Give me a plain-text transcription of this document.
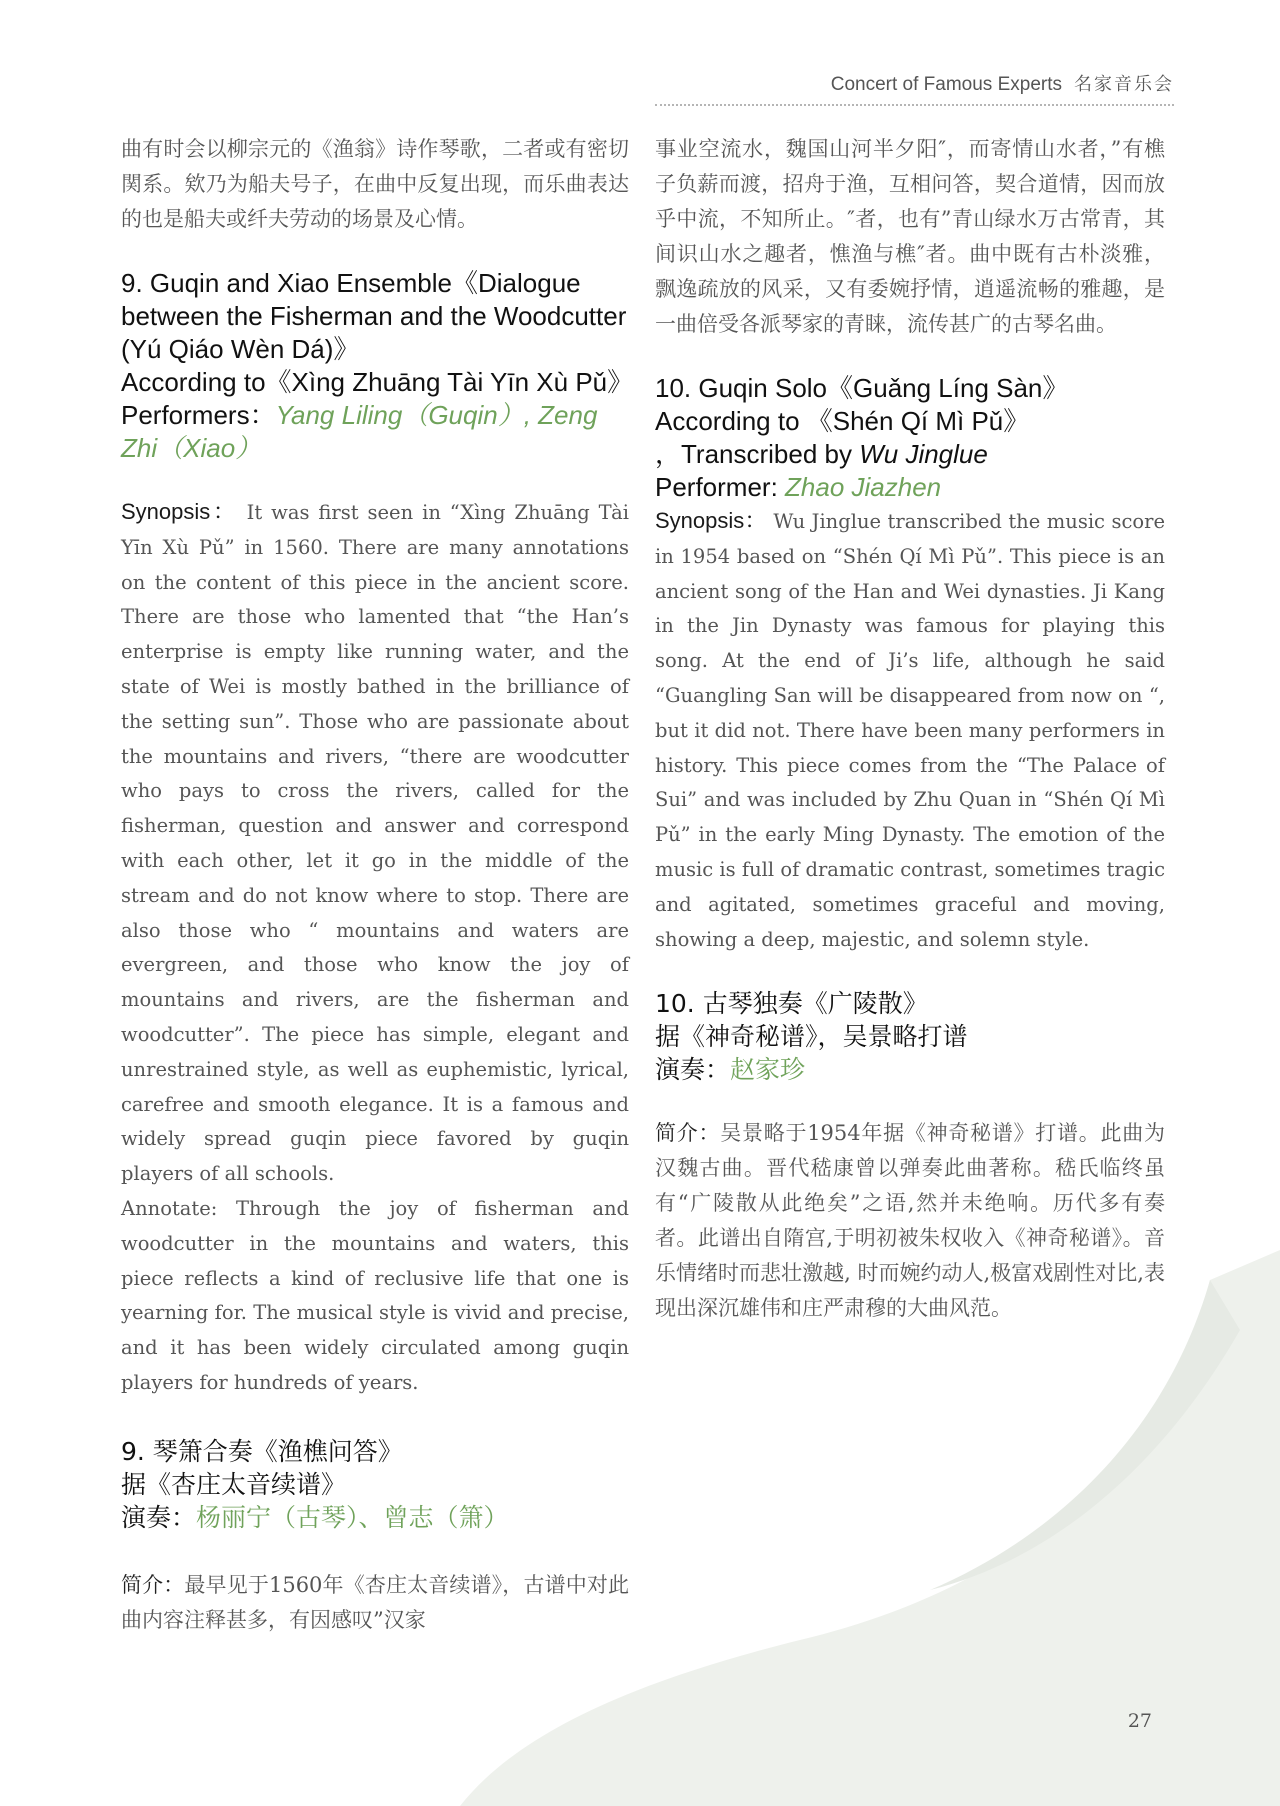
Concert of Famous Experts 名家音乐会

曲有时会以柳宗元的《渔翁》诗作琴歌，二者或有密切関系。欸乃为船夫号子，在曲中反复出现，而乐曲表达的也是船夫或纤夫劳动的场景及心情。

9. Guqin and Xiao Ensemble《Dialogue between the Fisherman and the Woodcutter (Yú Qiáo Wèn Dá)》

According to《Xìng Zhuāng Tài Yīn Xù Pǔ》

Performers：Yang Liling（Guqin）, Zeng Zhi（Xiao）

Synopsis： It was first seen in “Xìng Zhuāng Tài Yīn Xù Pǔ” in 1560. There are many annotations on the content of this piece in the ancient score. There are those who lamented that “the Han’s enterprise is empty like running water, and the state of Wei is mostly bathed in the brilliance of the setting sun”. Those who are passionate about the mountains and rivers, “there are woodcutter who pays to cross the rivers, called for the fisherman, question and answer and correspond with each other, let it go in the middle of the stream and do not know where to stop. There are also those who “ mountains and waters are evergreen, and those who know the joy of mountains and rivers, are the fisherman and woodcutter”. The piece has simple, elegant and unrestrained style, as well as euphemistic, lyrical, carefree and smooth elegance. It is a famous and widely spread guqin piece favored by guqin players of all schools.

Annotate: Through the joy of fisherman and woodcutter in the mountains and waters, this piece reflects a kind of reclusive life that one is yearning for. The musical style is vivid and precise, and it has been widely circulated among guqin players for hundreds of years.

9. 琴箫合奏《渔樵问答》

据《杏庄太音续谱》

演奏：杨丽宁（古琴）、曾志（箫）

简介：最早见于1560年《杏庄太音续谱》，古谱中对此曲内容注释甚多，有因感叹”汉家

事业空流水，魏国山河半夕阳″，而寄情山水者，”有樵子负薪而渡，招舟于渔，互相问答，契合道情，因而放乎中流，不知所止。″者，也有”青山绿水万古常青，其间识山水之趣者，憔渔与樵″者。曲中既有古朴淡雅，飘逸疏放的风采，又有委婉抒情，逍遥流畅的雅趣，是一曲倍受各派琴家的青睐，流传甚广的古琴名曲。

10. Guqin Solo《Guǎng Líng Sàn》

According to 《Shén Qí Mì Pǔ》

，Transcribed by Wu Jinglue

Performer: Zhao Jiazhen

Synopsis： Wu Jinglue transcribed the music score in 1954 based on “Shén Qí Mì Pǔ”. This piece is an ancient song of the Han and Wei dynasties. Ji Kang in the Jin Dynasty was famous for playing this song. At the end of Ji’s life, although he said “Guangling San will be disappeared from now on “, but it did not. There have been many performers in history. This piece comes from the “The Palace of Sui” and was included by Zhu Quan in “Shén Qí Mì Pǔ” in the early Ming Dynasty. The emotion of the music is full of dramatic contrast, sometimes tragic and agitated, sometimes graceful and moving, showing a deep, majestic, and solemn style.

10. 古琴独奏《广陵散》

据《神奇秘谱》，吴景略打谱

演奏：赵家珍

简介：吴景略于1954年据《神奇秘谱》打谱。此曲为汉魏古曲。晋代嵇康曾以弹奏此曲著称。嵇氏临终虽有“广陵散从此绝矣”之语,然并未绝响。历代多有奏者。此谱出自隋宫,于明初被朱权收入《神奇秘谱》。音乐情绪时而悲壮激越, 时而婉约动人,极富戏剧性对比,表现出深沉雄伟和庄严肃穆的大曲风范。

27
